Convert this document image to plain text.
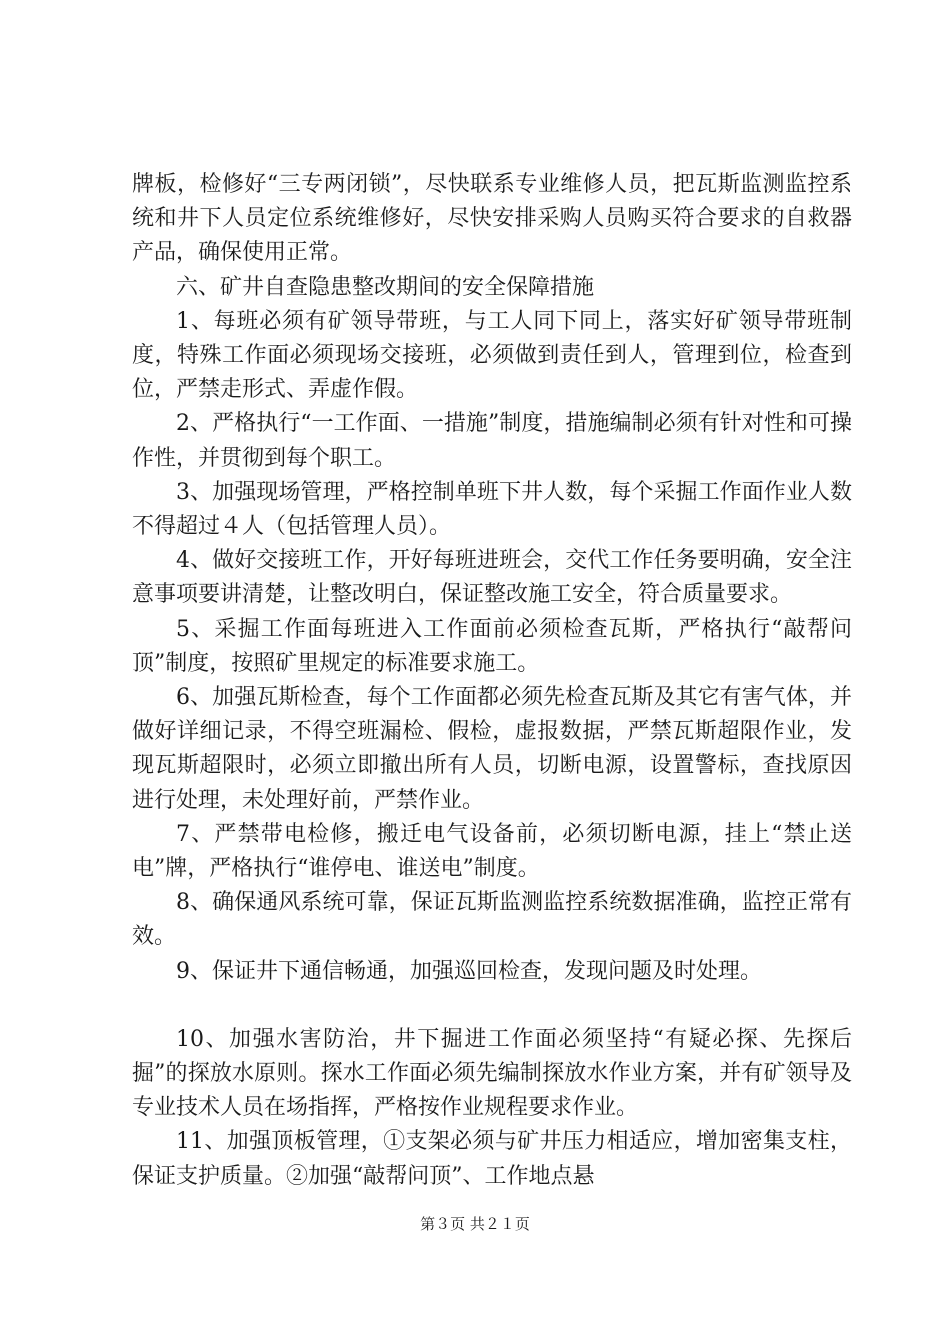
牌板，检修好“三专两闭锁”，尽快联系专业维修人员，把瓦斯监测监控系统和井下人员定位系统维修好，尽快安排采购人员购买符合要求的自救器产品，确保使用正常。

六、矿井自查隐患整改期间的安全保障措施

1、每班必须有矿领导带班，与工人同下同上，落实好矿领导带班制度，特殊工作面必须现场交接班，必须做到责任到人，管理到位，检查到位，严禁走形式、弄虚作假。

2、严格执行“一工作面、一措施”制度，措施编制必须有针对性和可操作性，并贯彻到每个职工。

3、加强现场管理，严格控制单班下井人数，每个采掘工作面作业人数不得超过４人（包括管理人员）。

4、做好交接班工作，开好每班进班会，交代工作任务要明确，安全注意事项要讲清楚，让整改明白，保证整改施工安全，符合质量要求。

5、采掘工作面每班进入工作面前必须检查瓦斯，严格执行“敲帮问顶”制度，按照矿里规定的标准要求施工。

6、加强瓦斯检查，每个工作面都必须先检查瓦斯及其它有害气体，并做好详细记录，不得空班漏检、假检，虚报数据，严禁瓦斯超限作业，发现瓦斯超限时，必须立即撤出所有人员，切断电源，设置警标，查找原因进行处理，未处理好前，严禁作业。

7、严禁带电检修，搬迁电气设备前，必须切断电源，挂上“禁止送电”牌，严格执行“谁停电、谁送电”制度。

8、确保通风系统可靠，保证瓦斯监测监控系统数据准确，监控正常有效。

9、保证井下通信畅通，加强巡回检查，发现问题及时处理。

10、加强水害防治，井下掘进工作面必须坚持“有疑必探、先探后掘”的探放水原则。探水工作面必须先编制探放水作业方案，并有矿领导及专业技术人员在场指挥，严格按作业规程要求作业。

11、加强顶板管理，①支架必须与矿井压力相适应，增加密集支柱，保证支护质量。②加强“敲帮问顶”、工作地点悬

第３页 共２１页
